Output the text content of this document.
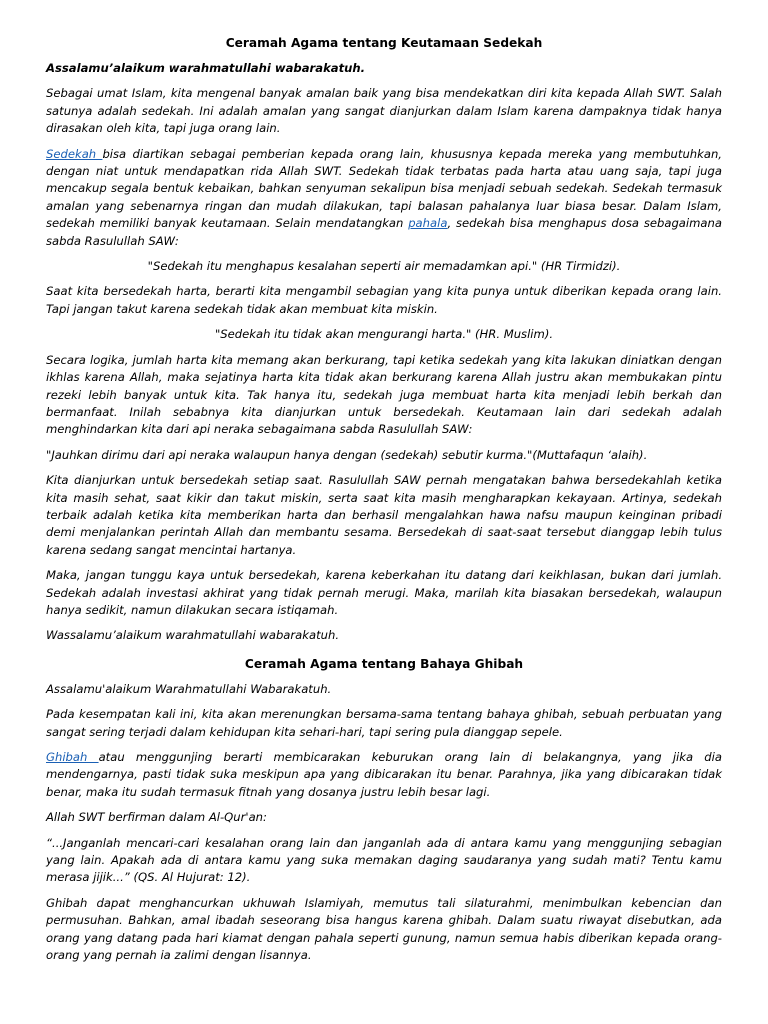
Ceramah Agama tentang Keutamaan Sedekah

Assalamu’alaikum warahmatullahi wabarakatuh.

Sebagai umat Islam, kita mengenal banyak amalan baik yang bisa mendekatkan diri kita kepada Allah SWT. Salah satunya adalah sedekah. Ini adalah amalan yang sangat dianjurkan dalam Islam karena dampaknya tidak hanya dirasakan oleh kita, tapi juga orang lain.

Sedekah bisa diartikan sebagai pemberian kepada orang lain, khususnya kepada mereka yang membutuhkan, dengan niat untuk mendapatkan rida Allah SWT. Sedekah tidak terbatas pada harta atau uang saja, tapi juga mencakup segala bentuk kebaikan, bahkan senyuman sekalipun bisa menjadi sebuah sedekah. Sedekah termasuk amalan yang sebenarnya ringan dan mudah dilakukan, tapi balasan pahalanya luar biasa besar. Dalam Islam, sedekah memiliki banyak keutamaan. Selain mendatangkan pahala, sedekah bisa menghapus dosa sebagaimana sabda Rasulullah SAW:

"Sedekah itu menghapus kesalahan seperti air memadamkan api." (HR Tirmidzi).

Saat kita bersedekah harta, berarti kita mengambil sebagian yang kita punya untuk diberikan kepada orang lain. Tapi jangan takut karena sedekah tidak akan membuat kita miskin.

"Sedekah itu tidak akan mengurangi harta." (HR. Muslim).

Secara logika, jumlah harta kita memang akan berkurang, tapi ketika sedekah yang kita lakukan diniatkan dengan ikhlas karena Allah, maka sejatinya harta kita tidak akan berkurang karena Allah justru akan membukakan pintu rezeki lebih banyak untuk kita. Tak hanya itu, sedekah juga membuat harta kita menjadi lebih berkah dan bermanfaat. Inilah sebabnya kita dianjurkan untuk bersedekah. Keutamaan lain dari sedekah adalah menghindarkan kita dari api neraka sebagaimana sabda Rasulullah SAW:

"Jauhkan dirimu dari api neraka walaupun hanya dengan (sedekah) sebutir kurma."(Muttafaqun ‘alaih).

Kita dianjurkan untuk bersedekah setiap saat. Rasulullah SAW pernah mengatakan bahwa bersedekahlah ketika kita masih sehat, saat kikir dan takut miskin, serta saat kita masih mengharapkan kekayaan. Artinya, sedekah terbaik adalah ketika kita memberikan harta dan berhasil mengalahkan hawa nafsu maupun keinginan pribadi demi menjalankan perintah Allah dan membantu sesama. Bersedekah di saat-saat tersebut dianggap lebih tulus karena sedang sangat mencintai hartanya.

Maka, jangan tunggu kaya untuk bersedekah, karena keberkahan itu datang dari keikhlasan, bukan dari jumlah. Sedekah adalah investasi akhirat yang tidak pernah merugi. Maka, marilah kita biasakan bersedekah, walaupun hanya sedikit, namun dilakukan secara istiqamah.

Wassalamu’alaikum warahmatullahi wabarakatuh.

Ceramah Agama tentang Bahaya Ghibah

Assalamu'alaikum Warahmatullahi Wabarakatuh.

Pada kesempatan kali ini, kita akan merenungkan bersama-sama tentang bahaya ghibah, sebuah perbuatan yang sangat sering terjadi dalam kehidupan kita sehari-hari, tapi sering pula dianggap sepele.

Ghibah atau menggunjing berarti membicarakan keburukan orang lain di belakangnya, yang jika dia mendengarnya, pasti tidak suka meskipun apa yang dibicarakan itu benar. Parahnya, jika yang dibicarakan tidak benar, maka itu sudah termasuk fitnah yang dosanya justru lebih besar lagi.

Allah SWT berfirman dalam Al-Qur'an:

“...Janganlah mencari-cari kesalahan orang lain dan janganlah ada di antara kamu yang menggunjing sebagian yang lain. Apakah ada di antara kamu yang suka memakan daging saudaranya yang sudah mati? Tentu kamu merasa jijik...” (QS. Al Hujurat: 12).

Ghibah dapat menghancurkan ukhuwah Islamiyah, memutus tali silaturahmi, menimbulkan kebencian dan permusuhan. Bahkan, amal ibadah seseorang bisa hangus karena ghibah. Dalam suatu riwayat disebutkan, ada orang yang datang pada hari kiamat dengan pahala seperti gunung, namun semua habis diberikan kepada orang-orang yang pernah ia zalimi dengan lisannya.
